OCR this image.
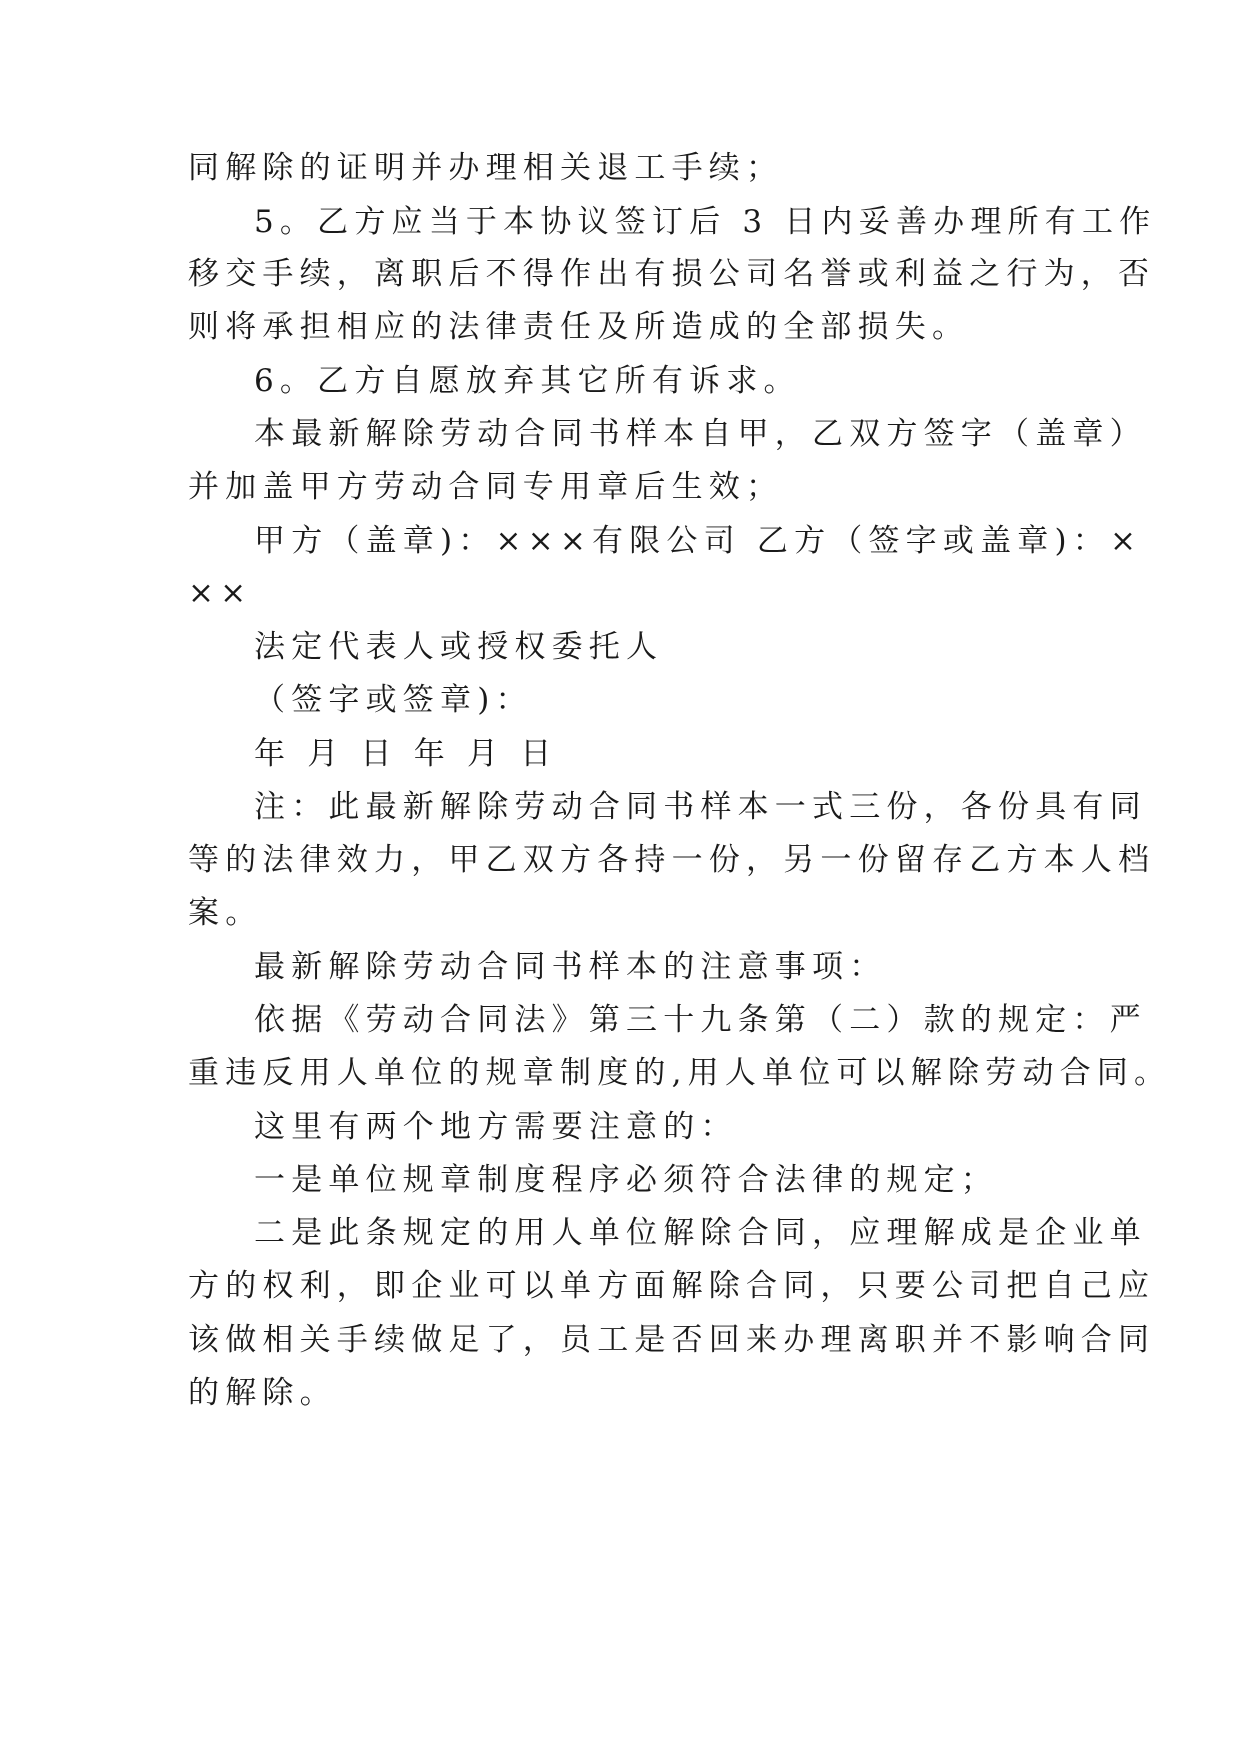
同解除的证明并办理相关退工手续；
5。乙方应当于本协议签订后 3 日内妥善办理所有工作
移交手续，离职后不得作出有损公司名誉或利益之行为，否
则将承担相应的法律责任及所造成的全部损失。
6。乙方自愿放弃其它所有诉求。
本最新解除劳动合同书样本自甲，乙双方签字（盖章）
并加盖甲方劳动合同专用章后生效；
甲方（盖章)：×××有限公司 乙方（签字或盖章)：×
××
法定代表人或授权委托人
（签字或签章)：
年 月 日 年 月 日
注：此最新解除劳动合同书样本一式三份，各份具有同
等的法律效力，甲乙双方各持一份，另一份留存乙方本人档
案。
最新解除劳动合同书样本的注意事项：
依据《劳动合同法》第三十九条第（二）款的规定：严
重违反用人单位的规章制度的,用人单位可以解除劳动合同。
这里有两个地方需要注意的：
一是单位规章制度程序必须符合法律的规定；
二是此条规定的用人单位解除合同，应理解成是企业单
方的权利，即企业可以单方面解除合同，只要公司把自己应
该做相关手续做足了，员工是否回来办理离职并不影响合同
的解除。
